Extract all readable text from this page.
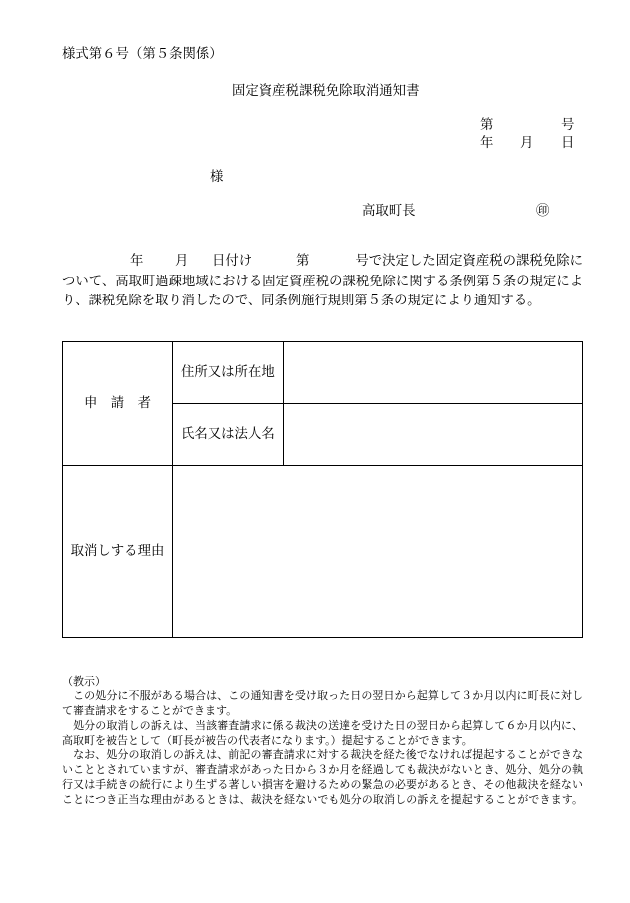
様式第６号（第５条関係）
固定資産税課税免除取消通知書
第	号
年 月 日
様
高取町長	㊞
年 月 日付け	第	号で決定した固定資産税の課税免除に
ついて、高取町過疎地域における固定資産税の課税免除に関する条例第５条の規定によ
り、課税免除を取り消したので、同条例施行規則第５条の規定により通知する。
申　請　者
住所又は所在地
氏名又は法人名
取消しする理由
（教示）
　この処分に不服がある場合は、この通知書を受け取った日の翌日から起算して３か月以内に町長に対し
て審査請求をすることができます。
　処分の取消しの訴えは、当該審査請求に係る裁決の送達を受けた日の翌日から起算して６か月以内に、
高取町を被告として（町長が被告の代表者になります。）提起することができます。
　なお、処分の取消しの訴えは、前記の審査請求に対する裁決を経た後でなければ提起することができな
いこととされていますが、審査請求があった日から３か月を経過しても裁決がないとき、処分、処分の執
行又は手続きの続行により生ずる著しい損害を避けるための緊急の必要があるとき、その他裁決を経ない
ことにつき正当な理由があるときは、裁決を経ないでも処分の取消しの訴えを提起することができます。
